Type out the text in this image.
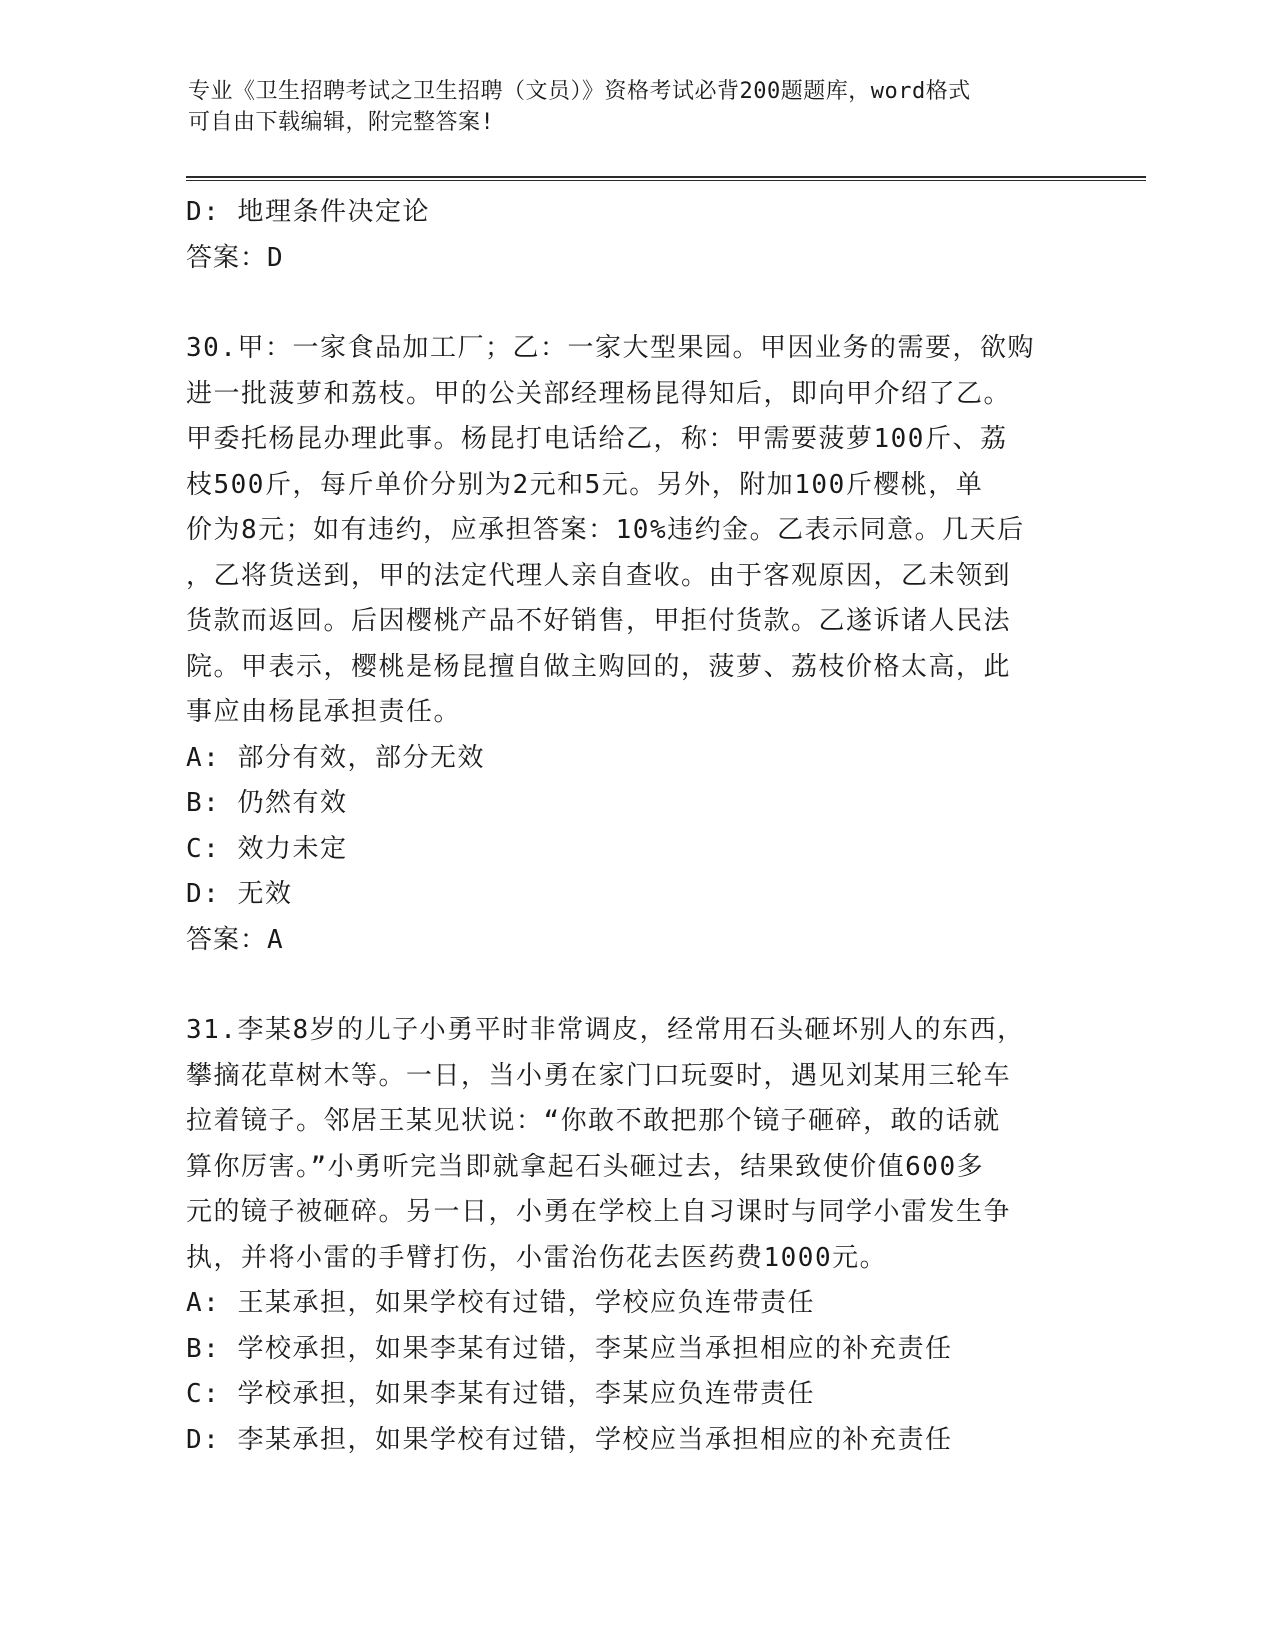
专业《卫生招聘考试之卫生招聘（文员）》资格考试必背200题题库，word格式
可自由下载编辑，附完整答案!
D: 地理条件决定论
答案：D
30.甲：一家食品加工厂；乙：一家大型果园。甲因业务的需要，欲购
进一批菠萝和荔枝。甲的公关部经理杨昆得知后，即向甲介绍了乙。
甲委托杨昆办理此事。杨昆打电话给乙，称：甲需要菠萝100斤、荔
枝500斤，每斤单价分别为2元和5元。另外，附加100斤樱桃，单
价为8元；如有违约，应承担答案：10%违约金。乙表示同意。几天后
，乙将货送到，甲的法定代理人亲自查收。由于客观原因，乙未领到
货款而返回。后因樱桃产品不好销售，甲拒付货款。乙遂诉诸人民法
院。甲表示，樱桃是杨昆擅自做主购回的，菠萝、荔枝价格太高，此
事应由杨昆承担责任。
A: 部分有效，部分无效
B: 仍然有效
C: 效力未定
D: 无效
答案：A
31.李某8岁的儿子小勇平时非常调皮，经常用石头砸坏别人的东西，
攀摘花草树木等。一日，当小勇在家门口玩耍时，遇见刘某用三轮车
拉着镜子。邻居王某见状说：“你敢不敢把那个镜子砸碎，敢的话就
算你厉害。”小勇听完当即就拿起石头砸过去，结果致使价值600多
元的镜子被砸碎。另一日，小勇在学校上自习课时与同学小雷发生争
执，并将小雷的手臂打伤，小雷治伤花去医药费1000元。
A: 王某承担，如果学校有过错，学校应负连带责任
B: 学校承担，如果李某有过错，李某应当承担相应的补充责任
C: 学校承担，如果李某有过错，李某应负连带责任
D: 李某承担，如果学校有过错，学校应当承担相应的补充责任
